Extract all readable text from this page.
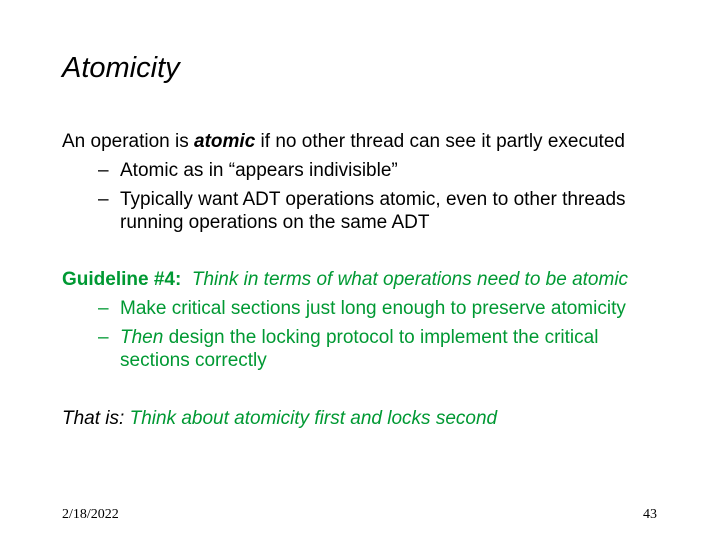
Atomicity
An operation is atomic if no other thread can see it partly executed
– Atomic as in “appears indivisible”
– Typically want ADT operations atomic, even to other threads
running operations on the same ADT
Guideline #4: Think in terms of what operations need to be atomic
– Make critical sections just long enough to preserve atomicity
– Then design the locking protocol to implement the critical
sections correctly
That is: Think about atomicity first and locks second
2/18/2022	43
